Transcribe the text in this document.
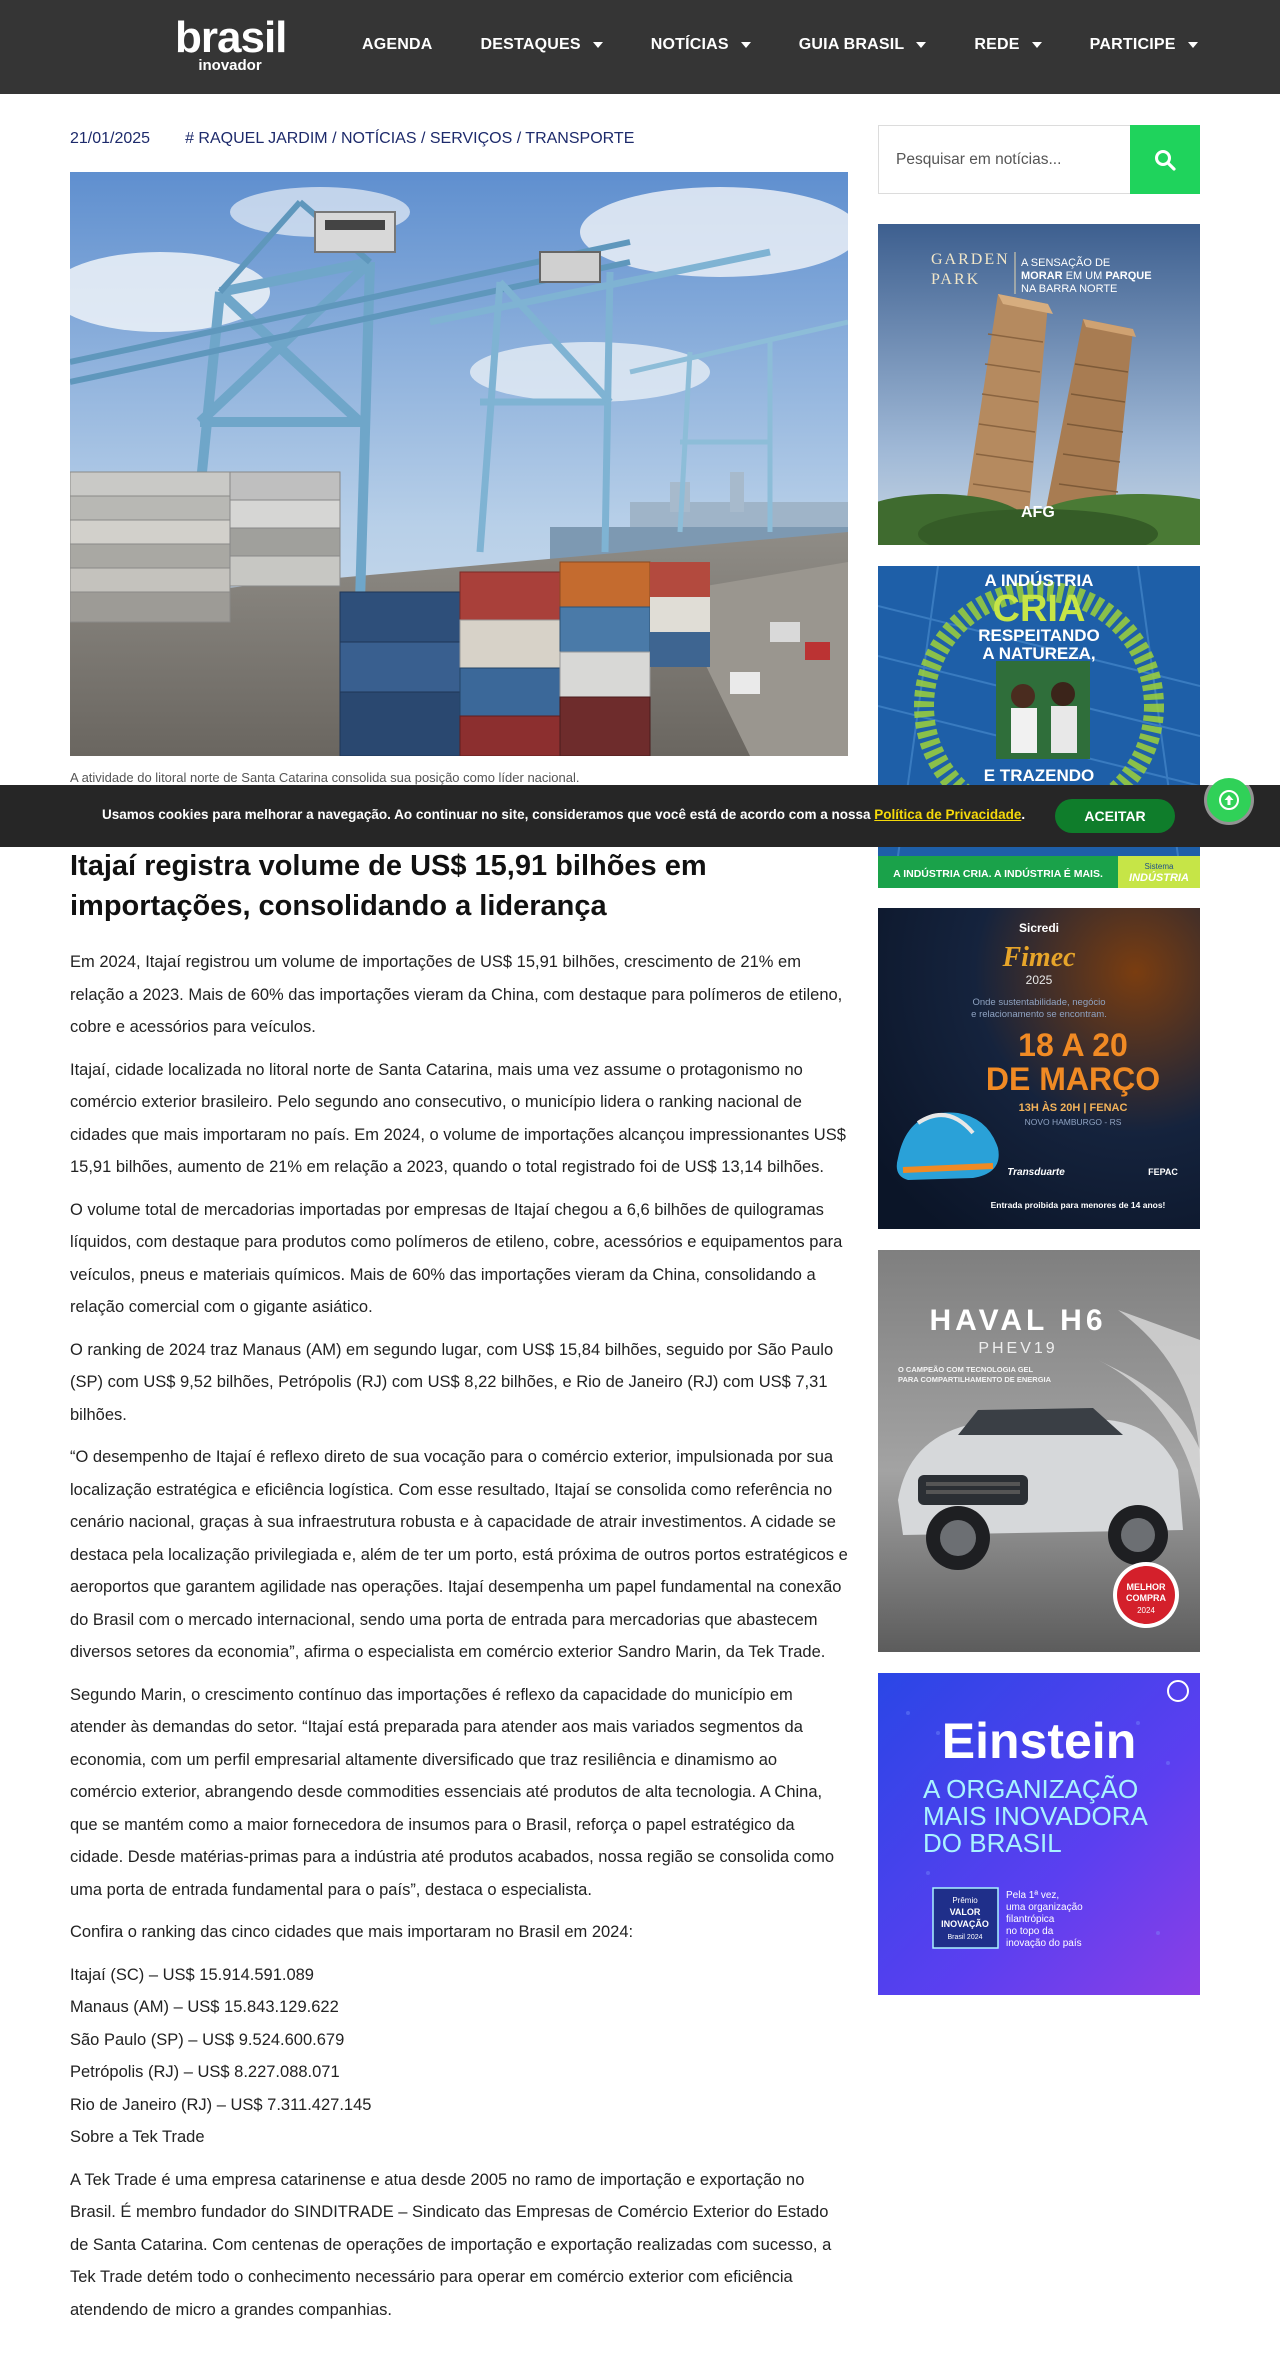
brasil
inovador
AGENDA	DESTAQUES	NOTÍCIAS	GUIA BRASIL	REDE	PARTICIPE
21/01/2025 # RAQUEL JARDIM / NOTÍCIAS / SERVIÇOS / TRANSPORTE
A atividade do litoral norte de Santa Catarina consolida sua posição como líder nacional.
Itajaí registra volume de US$ 15,91 bilhões em importações, consolidando a liderança

Em 2024, Itajaí registrou um volume de importações de US$ 15,91 bilhões, crescimento de 21% em relação a 2023. Mais de 60% das importações vieram da China, com destaque para polímeros de etileno, cobre e acessórios para veículos.

Itajaí, cidade localizada no litoral norte de Santa Catarina, mais uma vez assume o protagonismo no comércio exterior brasileiro. Pelo segundo ano consecutivo, o município lidera o ranking nacional de cidades que mais importaram no país. Em 2024, o volume de importações alcançou impressionantes US$ 15,91 bilhões, aumento de 21% em relação a 2023, quando o total registrado foi de US$ 13,14 bilhões.

O volume total de mercadorias importadas por empresas de Itajaí chegou a 6,6 bilhões de quilogramas líquidos, com destaque para produtos como polímeros de etileno, cobre, acessórios e equipamentos para veículos, pneus e materiais químicos. Mais de 60% das importações vieram da China, consolidando a relação comercial com o gigante asiático.

O ranking de 2024 traz Manaus (AM) em segundo lugar, com US$ 15,84 bilhões, seguido por São Paulo (SP) com US$ 9,52 bilhões, Petrópolis (RJ) com US$ 8,22 bilhões, e Rio de Janeiro (RJ) com US$ 7,31 bilhões.

“O desempenho de Itajaí é reflexo direto de sua vocação para o comércio exterior, impulsionada por sua localização estratégica e eficiência logística. Com esse resultado, Itajaí se consolida como referência no cenário nacional, graças à sua infraestrutura robusta e à capacidade de atrair investimentos. A cidade se destaca pela localização privilegiada e, além de ter um porto, está próxima de outros portos estratégicos e aeroportos que garantem agilidade nas operações. Itajaí desempenha um papel fundamental na conexão do Brasil com o mercado internacional, sendo uma porta de entrada para mercadorias que abastecem diversos setores da economia”, afirma o especialista em comércio exterior Sandro Marin, da Tek Trade.

Segundo Marin, o crescimento contínuo das importações é reflexo da capacidade do município em atender às demandas do setor. “Itajaí está preparada para atender aos mais variados segmentos da economia, com um perfil empresarial altamente diversificado que traz resiliência e dinamismo ao comércio exterior, abrangendo desde commodities essenciais até produtos de alta tecnologia. A China, que se mantém como a maior fornecedora de insumos para o Brasil, reforça o papel estratégico da cidade. Desde matérias-primas para a indústria até produtos acabados, nossa região se consolida como uma porta de entrada fundamental para o país”, destaca o especialista.

Confira o ranking das cinco cidades que mais importaram no Brasil em 2024:

Itajaí (SC) – US$ 15.914.591.089
Manaus (AM) – US$ 15.843.129.622
São Paulo (SP) – US$ 9.524.600.679
Petrópolis (RJ) – US$ 8.227.088.071
Rio de Janeiro (RJ) – US$ 7.311.427.145
Sobre a Tek Trade

A Tek Trade é uma empresa catarinense e atua desde 2005 no ramo de importação e exportação no Brasil. É membro fundador do SINDITRADE – Sindicato das Empresas de Comércio Exterior do Estado de Santa Catarina. Com centenas de operações de importação e exportação realizadas com sucesso, a Tek Trade detém todo o conhecimento necessário para operar em comércio exterior com eficiência atendendo de micro a grandes companhias.

Pesquisar em notícias...
GARDEN
PARK
A SENSAÇÃO DE
MORAR EM UM PARQUE
NA BARRA NORTE
AFG
A INDÚSTRIA
CRIA
RESPEITANDO
A NATUREZA,
E TRAZENDO
A INDÚSTRIA CRIA. A INDÚSTRIA É MAIS.
Sistema
INDÚSTRIA
Sicredi
Fimec
2025
Onde sustentabilidade, negócio
e relacionamento se encontram.
18 A 20
DE MARÇO
13H ÀS 20H | FENAC
NOVO HAMBURGO - RS
Transduarte	FEPAC
Entrada proibida para menores de 14 anos!
HAVAL H6
PHEV19
O CAMPEÃO COM TECNOLOGIA GEL
PARA COMPARTILHAMENTO DE ENERGIA
MELHOR
COMPRA
2024
Einstein
A ORGANIZAÇÃO
MAIS INOVADORA
DO BRASIL
Prêmio
VALOR
INOVAÇÃO
Brasil 2024
Pela 1ª vez,
uma organização
filantrópica
no topo da
inovação do país
Usamos cookies para melhorar a navegação. Ao continuar no site, consideramos que você está de acordo com a nossa Política de Privacidade.	ACEITAR
